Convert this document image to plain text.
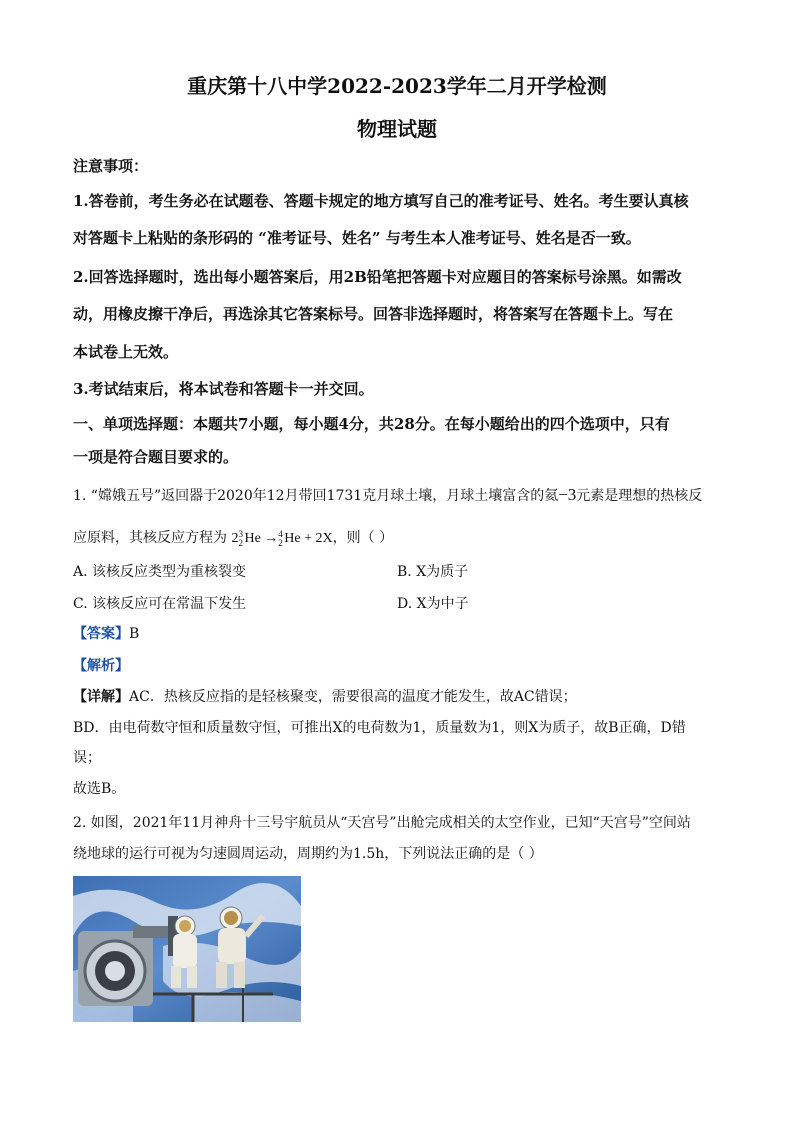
重庆第十八中学2022-2023学年二月开学检测
物理试题
注意事项：
1.答卷前，考生务必在试题卷、答题卡规定的地方填写自己的准考证号、姓名。考生要认真核
对答题卡上粘贴的条形码的 “准考证号、姓名” 与考生本人准考证号、姓名是否一致。
2.回答选择题时，选出每小题答案后，用2B铅笔把答题卡对应题目的答案标号涂黑。如需改
动，用橡皮擦干净后，再选涂其它答案标号。回答非选择题时，将答案写在答题卡上。写在
本试卷上无效。
3.考试结束后，将本试卷和答题卡一并交回。
一、单项选择题：本题共7小题，每小题4分，共28分。在每小题给出的四个选项中，只有
一项是符合题目要求的。
1. “嫦娥五号”返回器于2020年12月带回1731克月球土壤，月球土壤富含的氦−3元素是理想的热核反
应原料，其核反应方程为 2 3
2 He → 4
2 He + 2X，则（ ）
A. 该核反应类型为重核裂变	B. X为质子
C. 该核反应可在常温下发生	D. X为中子
【答案】B
【解析】
【详解】AC．热核反应指的是轻核聚变，需要很高的温度才能发生，故AC错误；
BD．由电荷数守恒和质量数守恒，可推出X的电荷数为1，质量数为1，则X为质子，故B正确，D错
误；
故选B。
2. 如图，2021年11月神舟十三号宇航员从“天宫号”出舱完成相关的太空作业，已知“天宫号”空间站
绕地球的运行可视为匀速圆周运动，周期约为1.5h，下列说法正确的是（ ）
